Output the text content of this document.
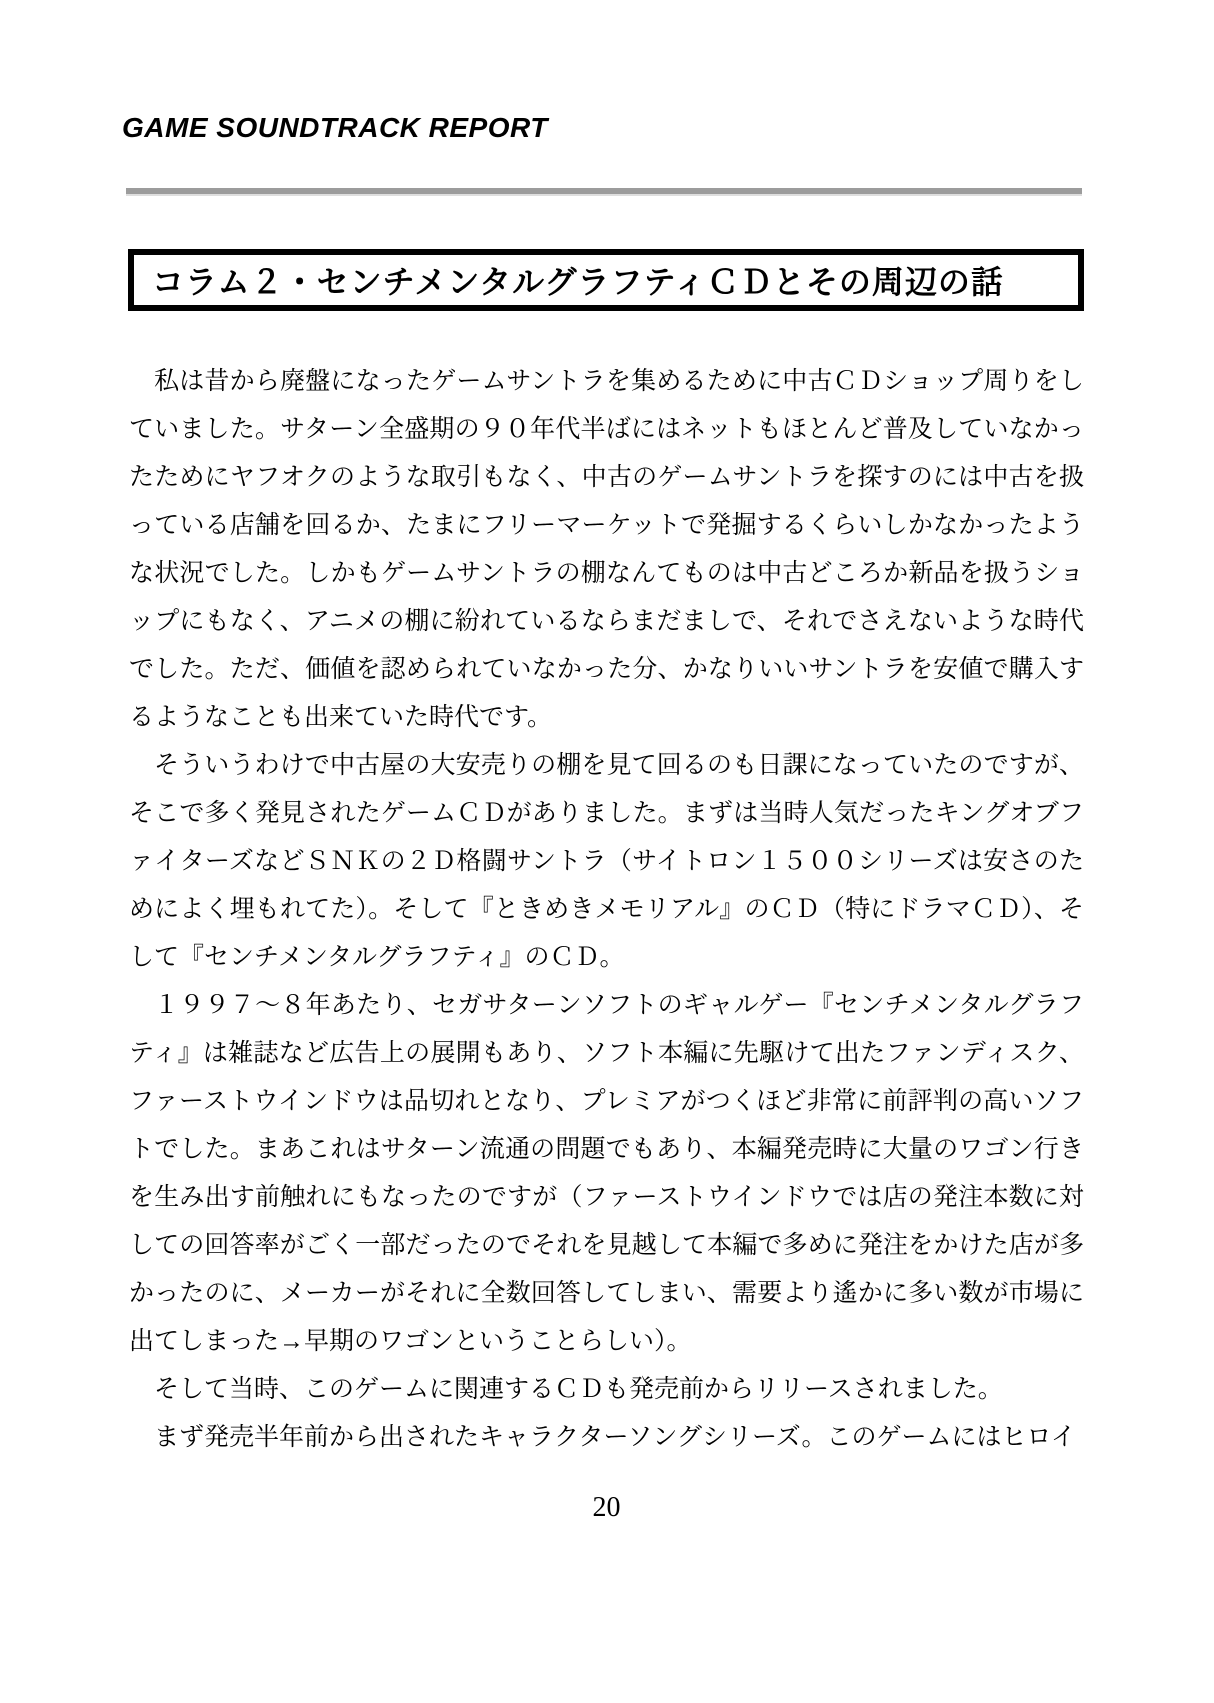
GAME SOUNDTRACK REPORT
コラム２・センチメンタルグラフティＣＤとその周辺の話

私は昔から廃盤になったゲームサントラを集めるために中古ＣＤショップ周りをしていました。サターン全盛期の９０年代半ばにはネットもほとんど普及していなかったためにヤフオクのような取引もなく、中古のゲームサントラを探すのには中古を扱っている店舗を回るか、たまにフリーマーケットで発掘するくらいしかなかったような状況でした。しかもゲームサントラの棚なんてものは中古どころか新品を扱うショップにもなく、アニメの棚に紛れているならまだましで、それでさえないような時代でした。ただ、価値を認められていなかった分、かなりいいサントラを安値で購入するようなことも出来ていた時代です。

そういうわけで中古屋の大安売りの棚を見て回るのも日課になっていたのですが、そこで多く発見されたゲームＣＤがありました。まずは当時人気だったキングオブファイターズなどＳＮＫの２Ｄ格闘サントラ（サイトロン１５００シリーズは安さのためによく埋もれてた）。そして『ときめきメモリアル』のＣＤ（特にドラマＣＤ）、そして『センチメンタルグラフティ』のＣＤ。

１９９７～８年あたり、セガサターンソフトのギャルゲー『センチメンタルグラフティ』は雑誌など広告上の展開もあり、ソフト本編に先駆けて出たファンディスク、ファーストウインドウは品切れとなり、プレミアがつくほど非常に前評判の高いソフトでした。まあこれはサターン流通の問題でもあり、本編発売時に大量のワゴン行きを生み出す前触れにもなったのですが（ファーストウインドウでは店の発注本数に対しての回答率がごく一部だったのでそれを見越して本編で多めに発注をかけた店が多かったのに、メーカーがそれに全数回答してしまい、需要より遙かに多い数が市場に出てしまった→早期のワゴンということらしい）。

そして当時、このゲームに関連するＣＤも発売前からリリースされました。

まず発売半年前から出されたキャラクターソングシリーズ。このゲームにはヒロイ

20
